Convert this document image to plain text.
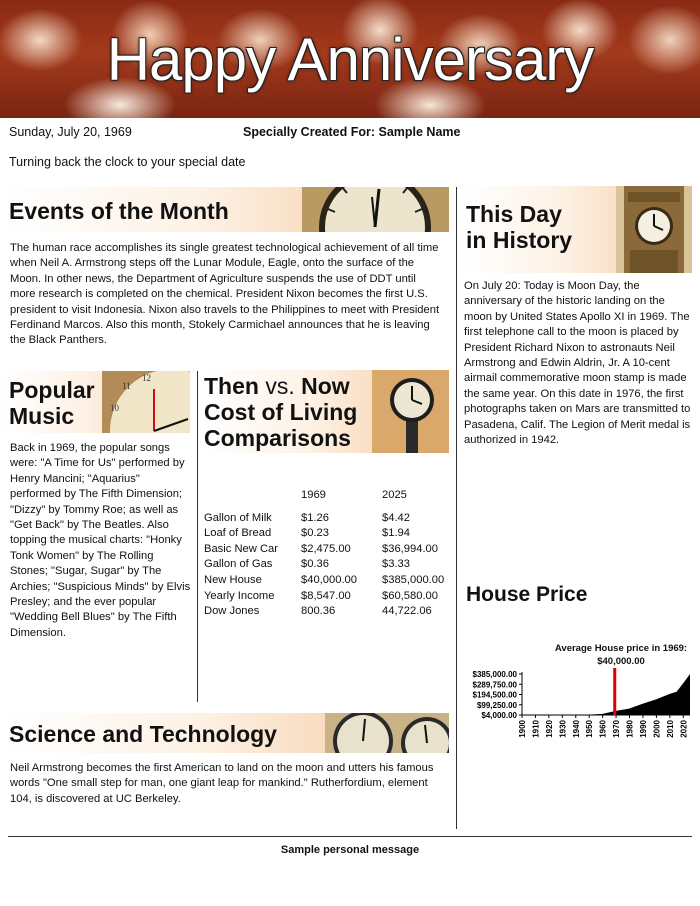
Happy Anniversary
Sunday, July 20, 1969	Specially Created For: Sample Name
Turning back the clock to your special date
Events of the Month
The human race accomplishes its single greatest technological achievement of all time when Neil A. Armstrong steps off the Lunar Module, Eagle, onto the surface of the Moon. In other news, the Department of Agriculture suspends the use of DDT until more research is completed on the chemical. President Nixon becomes the first U.S. president to visit Indonesia. Nixon also travels to the Philippines to meet with President Ferdinand Marcos. Also this month, Stokely Carmichael announces that he is leaving the Black Panthers.
This Day
in History
On July 20: Today is Moon Day, the anniversary of the historic landing on the moon by United States Apollo XI in 1969. The first telephone call to the moon is placed by President Richard Nixon to astronauts Neil Armstrong and Edwin Aldrin, Jr. A 10-cent airmail commemorative moon stamp is made the same year. On this date in 1976, the first photographs taken on Mars are transmitted to Pasadena, Calif. The Legion of Merit medal is authorized in 1942.
Popular
Music
11
12
10
Back in 1969, the popular songs were: "A Time for Us" performed by Henry Mancini; "Aquarius" performed by The Fifth Dimension; "Dizzy" by Tommy Roe; as well as "Get Back" by The Beatles. Also topping the musical charts: "Honky Tonk Women" by The Rolling Stones; "Sugar, Sugar" by The Archies; "Suspicious Minds" by Elvis Presley; and the ever popular "Wedding Bell Blues" by The Fifth Dimension.
Then vs. Now
Cost of Living
Comparisons
	1969	2025

Gallon of Milk	$1.26	$4.42
Loaf of Bread	$0.23	$1.94
Basic New Car	$2,475.00	$36,994.00
Gallon of Gas	$0.36	$3.33
New House	$40,000.00	$385,000.00
Yearly Income	$8,547.00	$60,580.00
Dow Jones	800.36	44,722.06
House Price
Average House price in 1969:
$40,000.00
$385,000.00
$289,750.00
$194,500.00
$99,250.00
$4,000.00
1900 1910 1920 1930 1940 1950 1960 1970 1980 1990 2000 2010 2020
Science and Technology
Neil Armstrong becomes the first American to land on the moon and utters his famous words "One small step for man, one giant leap for mankind." Rutherfordium, element 104, is discovered at UC Berkeley.
Sample personal message
